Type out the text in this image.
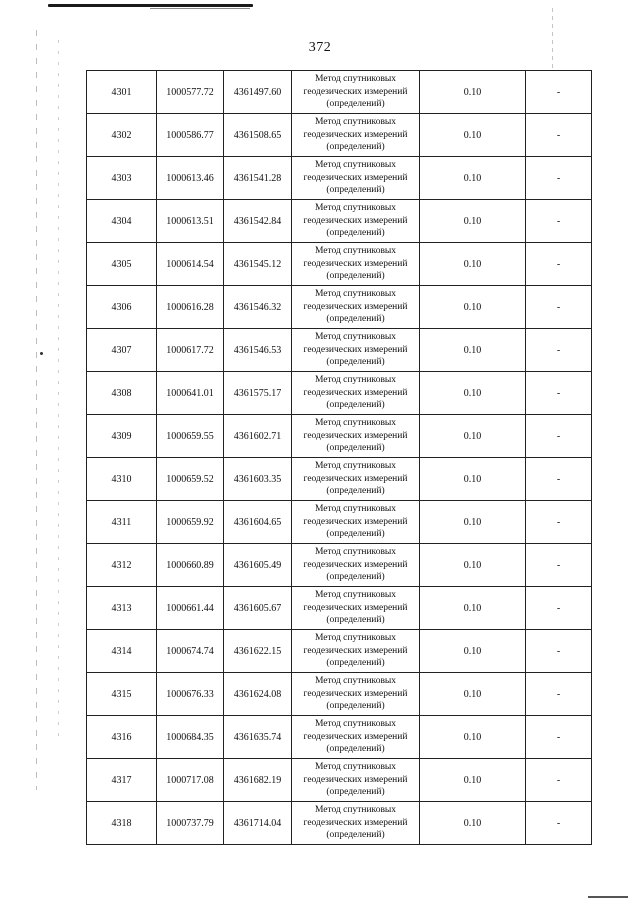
372
4301	1000577.72	4361497.60	Метод спутниковых
геодезических измерений
(определений)	0.10	-
4302	1000586.77	4361508.65	Метод спутниковых
геодезических измерений
(определений)	0.10	-
4303	1000613.46	4361541.28	Метод спутниковых
геодезических измерений
(определений)	0.10	-
4304	1000613.51	4361542.84	Метод спутниковых
геодезических измерений
(определений)	0.10	-
4305	1000614.54	4361545.12	Метод спутниковых
геодезических измерений
(определений)	0.10	-
4306	1000616.28	4361546.32	Метод спутниковых
геодезических измерений
(определений)	0.10	-
4307	1000617.72	4361546.53	Метод спутниковых
геодезических измерений
(определений)	0.10	-
4308	1000641.01	4361575.17	Метод спутниковых
геодезических измерений
(определений)	0.10	-
4309	1000659.55	4361602.71	Метод спутниковых
геодезических измерений
(определений)	0.10	-
4310	1000659.52	4361603.35	Метод спутниковых
геодезических измерений
(определений)	0.10	-
4311	1000659.92	4361604.65	Метод спутниковых
геодезических измерений
(определений)	0.10	-
4312	1000660.89	4361605.49	Метод спутниковых
геодезических измерений
(определений)	0.10	-
4313	1000661.44	4361605.67	Метод спутниковых
геодезических измерений
(определений)	0.10	-
4314	1000674.74	4361622.15	Метод спутниковых
геодезических измерений
(определений)	0.10	-
4315	1000676.33	4361624.08	Метод спутниковых
геодезических измерений
(определений)	0.10	-
4316	1000684.35	4361635.74	Метод спутниковых
геодезических измерений
(определений)	0.10	-
4317	1000717.08	4361682.19	Метод спутниковых
геодезических измерений
(определений)	0.10	-
4318	1000737.79	4361714.04	Метод спутниковых
геодезических измерений
(определений)	0.10	-
